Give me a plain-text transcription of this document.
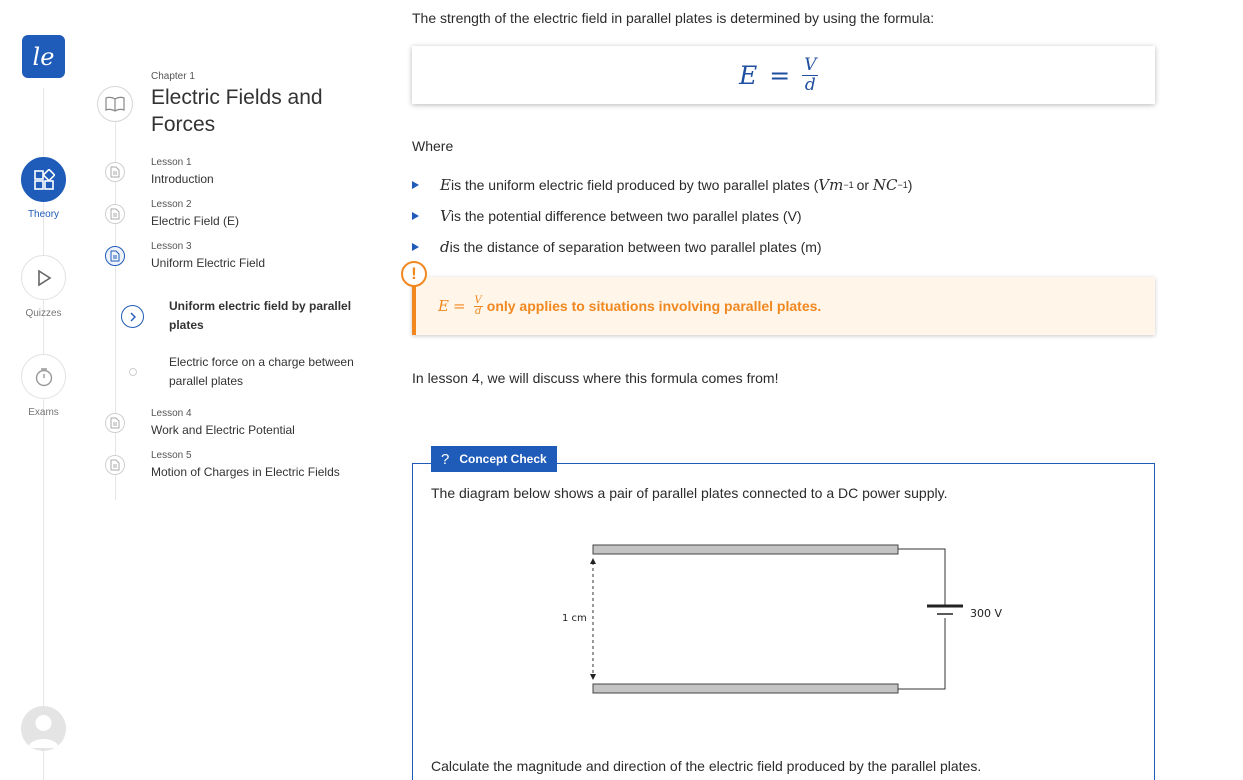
le
Theory
Quizzes
Exams
Chapter 1
Electric Fields and Forces
Lesson 1
Introduction
Lesson 2
Electric Field (E)
Lesson 3
Uniform Electric Field
Uniform electric field by parallel plates
Electric force on a charge between parallel plates
Lesson 4
Work and Electric Potential
Lesson 5
Motion of Charges in Electric Fields
The strength of the electric field in parallel plates is determined by using the formula:
$E = \frac{V}{d}$
Where
E is the uniform electric field produced by two parallel plates ( Vm −1 or NC −1 )
V is the potential difference between two parallel plates (V)
d is the distance of separation between two parallel plates (m)
$E = \frac{V}{d}$ only applies to situations involving parallel plates.
!
In lesson 4, we will discuss where this formula comes from!
? Concept Check
The diagram below shows a pair of parallel plates connected to a DC power supply.
1 cm	300 V
Calculate the magnitude and direction of the electric field produced by the parallel plates.
